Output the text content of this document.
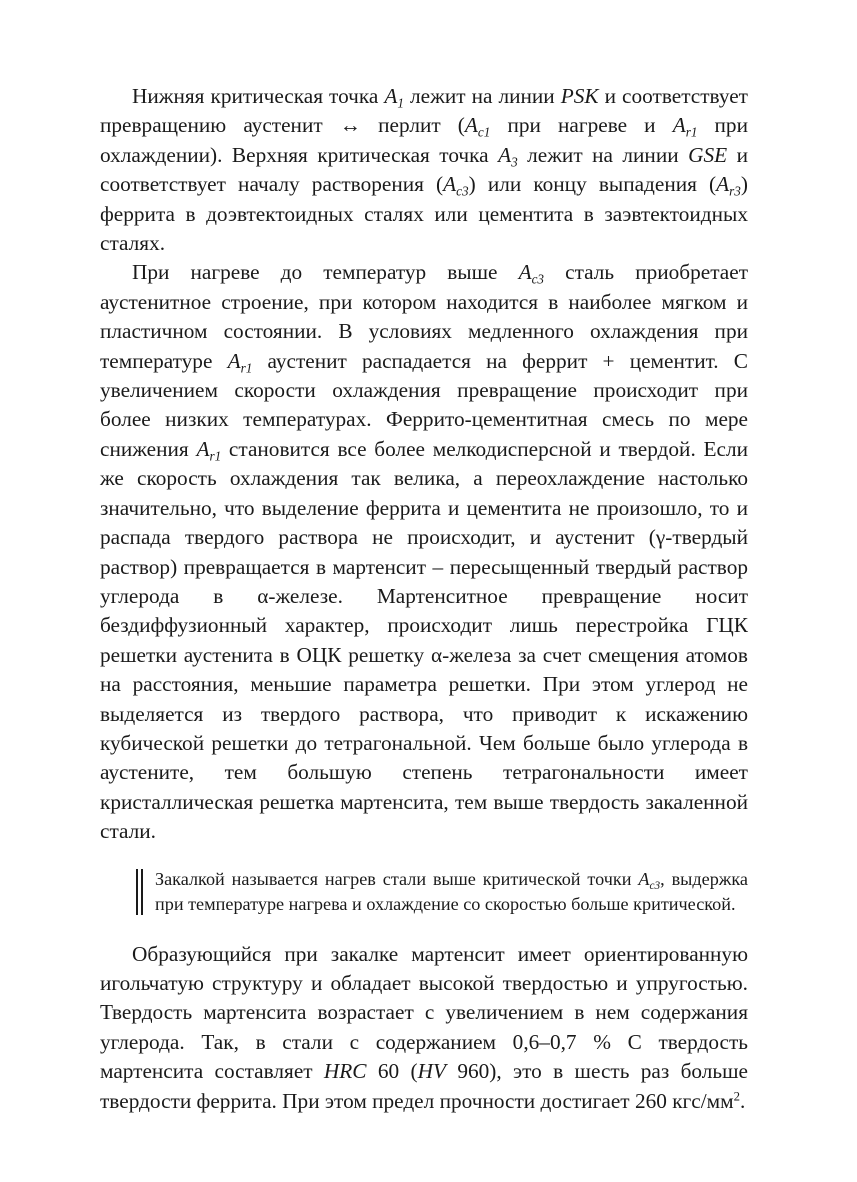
Нижняя критическая точка $A_1$ лежит на линии PSK и соответствует превращению аустенит ↔ перлит ($A_{c1}$ при нагреве и $A_{r1}$ при охлаждении). Верхняя критическая точка $A_3$ лежит на линии GSE и соответствует началу растворения $(A_{c3})$ или концу выпадения $(A_{r3})$ феррита в доэвтектоидных сталях или цементита в заэвтектоидных сталях.

При нагреве до температур выше $A_{c3}$ сталь приобретает аустенитное строение, при котором находится в наиболее мягком и пластичном состоянии. В условиях медленного охлаждения при температуре $A_{r1}$ аустенит распадается на феррит + цементит. С увеличением скорости охлаждения превращение происходит при более низких температурах. Феррито-цементитная смесь по мере снижения $A_{r1}$ становится все более мелкодисперсной и твердой. Если же скорость охлаждения так велика, а переохлаждение настолько значительно, что выделение феррита и цементита не произошло, то и распада твердого раствора не происходит, и аустенит (γ-твердый раствор) превращается в мартенсит – пересыщенный твердый раствор углерода в α-железе. Мартенситное превращение носит бездиффузионный характер, происходит лишь перестройка ГЦК решетки аустенита в ОЦК решетку α-железа за счет смещения атомов на расстояния, меньшие параметра решетки. При этом углерод не выделяется из твердого раствора, что приводит к искажению кубической решетки до тетрагональной. Чем больше было углерода в аустените, тем большую степень тетрагональности имеет кристаллическая решетка мартенсита, тем выше твердость закаленной стали.

Закалкой называется нагрев стали выше критической точки $A_{c3}$, выдержка при температуре нагрева и охлаждение со скоростью больше критической.

Образующийся при закалке мартенсит имеет ориентированную игольчатую структуру и обладает высокой твердостью и упругостью. Твердость мартенсита возрастает с увеличением в нем содержания углерода. Так, в стали с содержанием 0,6–0,7 % С твердость мартенсита составляет HRC 60 (HV 960), это в шесть раз больше твердости феррита. При этом предел прочности достигает 260 кгс/$мм^2$.
